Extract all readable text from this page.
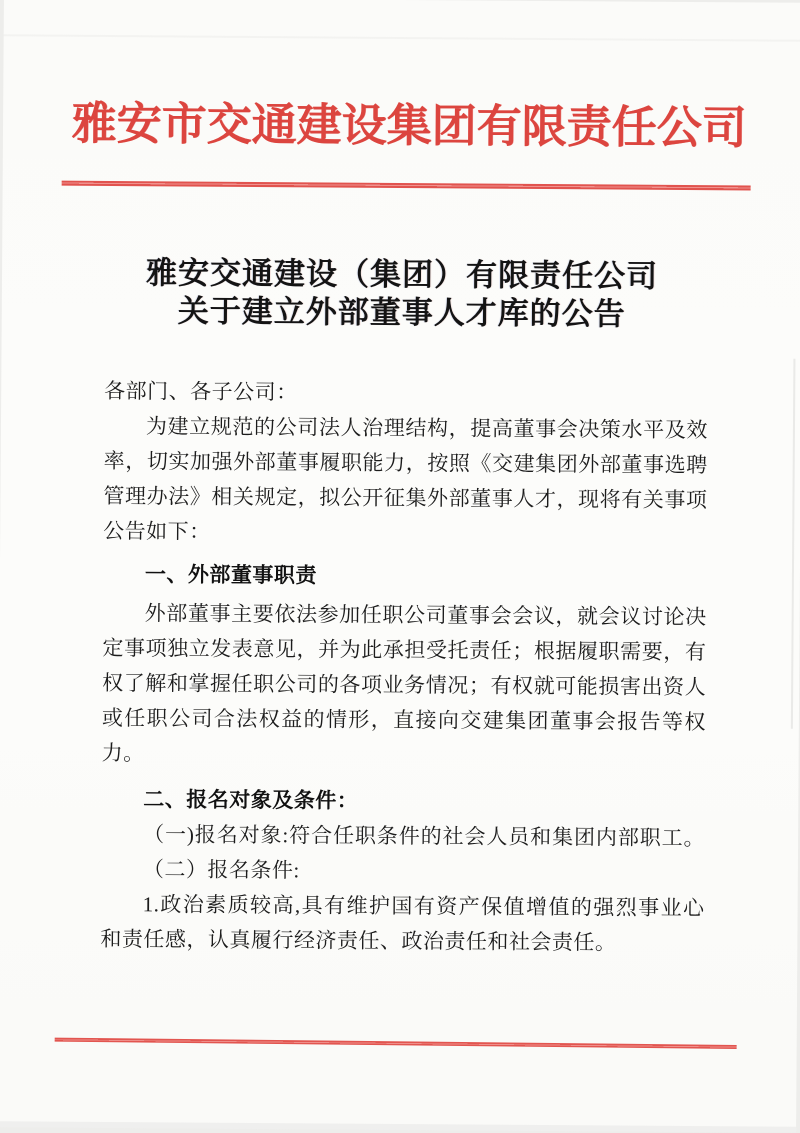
雅安市交通建设集团有限责任公司
雅安交通建设（集团）有限责任公司
关于建立外部董事人才库的公告
各部门、各子公司：
为建立规范的公司法人治理结构，提高董事会决策水平及效
率，切实加强外部董事履职能力，按照《交建集团外部董事选聘
管理办法》相关规定，拟公开征集外部董事人才，现将有关事项
公告如下：
一、外部董事职责
外部董事主要依法参加任职公司董事会会议，就会议讨论决
定事项独立发表意见，并为此承担受托责任；根据履职需要，有
权了解和掌握任职公司的各项业务情况；有权就可能损害出资人
或任职公司合法权益的情形，直接向交建集团董事会报告等权
力。
二、报名对象及条件：
（一)报名对象:符合任职条件的社会人员和集团内部职工。
（二）报名条件:
1.政治素质较高,具有维护国有资产保值增值的强烈事业心
和责任感，认真履行经济责任、政治责任和社会责任。
